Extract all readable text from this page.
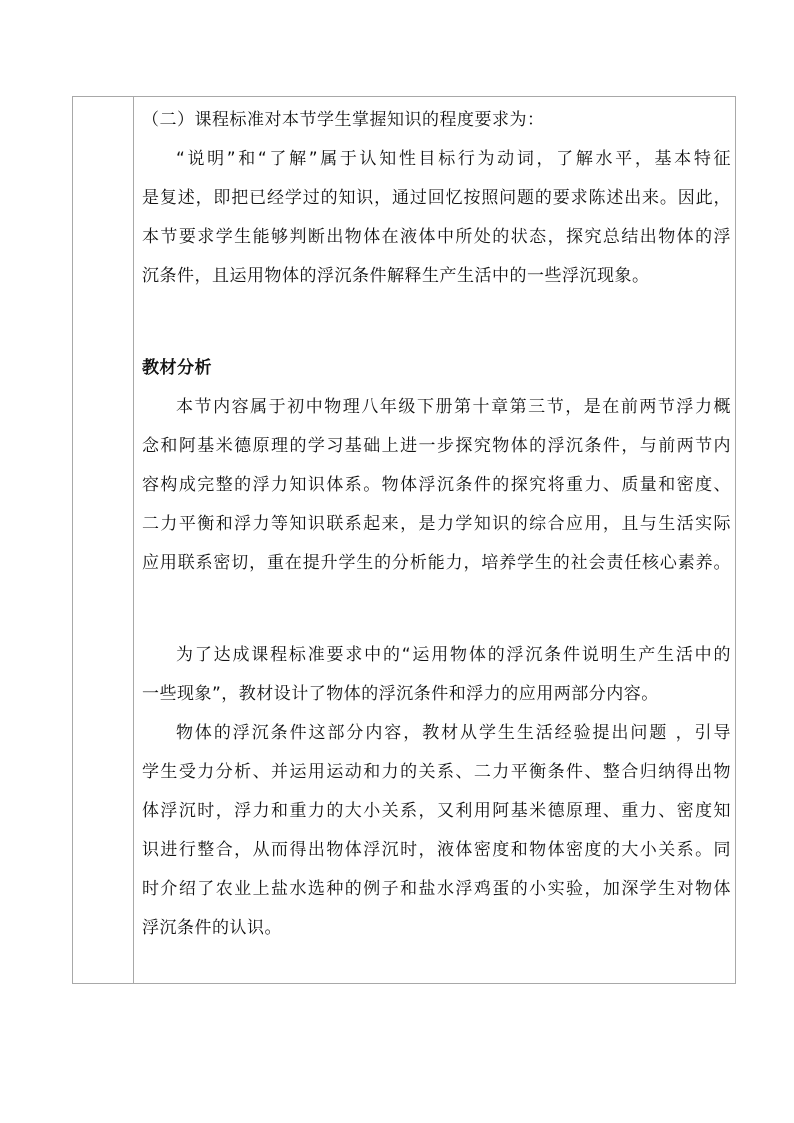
（二）课程标准对本节学生掌握知识的程度要求为：
“说明”和“了解”属于认知性目标行为动词，了解水平，基本特征
是复述，即把已经学过的知识，通过回忆按照问题的要求陈述出来。因此，
本节要求学生能够判断出物体在液体中所处的状态，探究总结出物体的浮
沉条件，且运用物体的浮沉条件解释生产生活中的一些浮沉现象。
教材分析
本节内容属于初中物理八年级下册第十章第三节，是在前两节浮力概
念和阿基米德原理的学习基础上进一步探究物体的浮沉条件，与前两节内
容构成完整的浮力知识体系。物体浮沉条件的探究将重力、质量和密度、
二力平衡和浮力等知识联系起来，是力学知识的综合应用，且与生活实际
应用联系密切，重在提升学生的分析能力，培养学生的社会责任核心素养。
为了达成课程标准要求中的“运用物体的浮沉条件说明生产生活中的
一些现象”，教材设计了物体的浮沉条件和浮力的应用两部分内容。
物体的浮沉条件这部分内容，教材从学生生活经验提出问题 ，引导
学生受力分析、并运用运动和力的关系、二力平衡条件、整合归纳得出物
体浮沉时，浮力和重力的大小关系，又利用阿基米德原理、重力、密度知
识进行整合，从而得出物体浮沉时，液体密度和物体密度的大小关系。同
时介绍了农业上盐水选种的例子和盐水浮鸡蛋的小实验，加深学生对物体
浮沉条件的认识。
